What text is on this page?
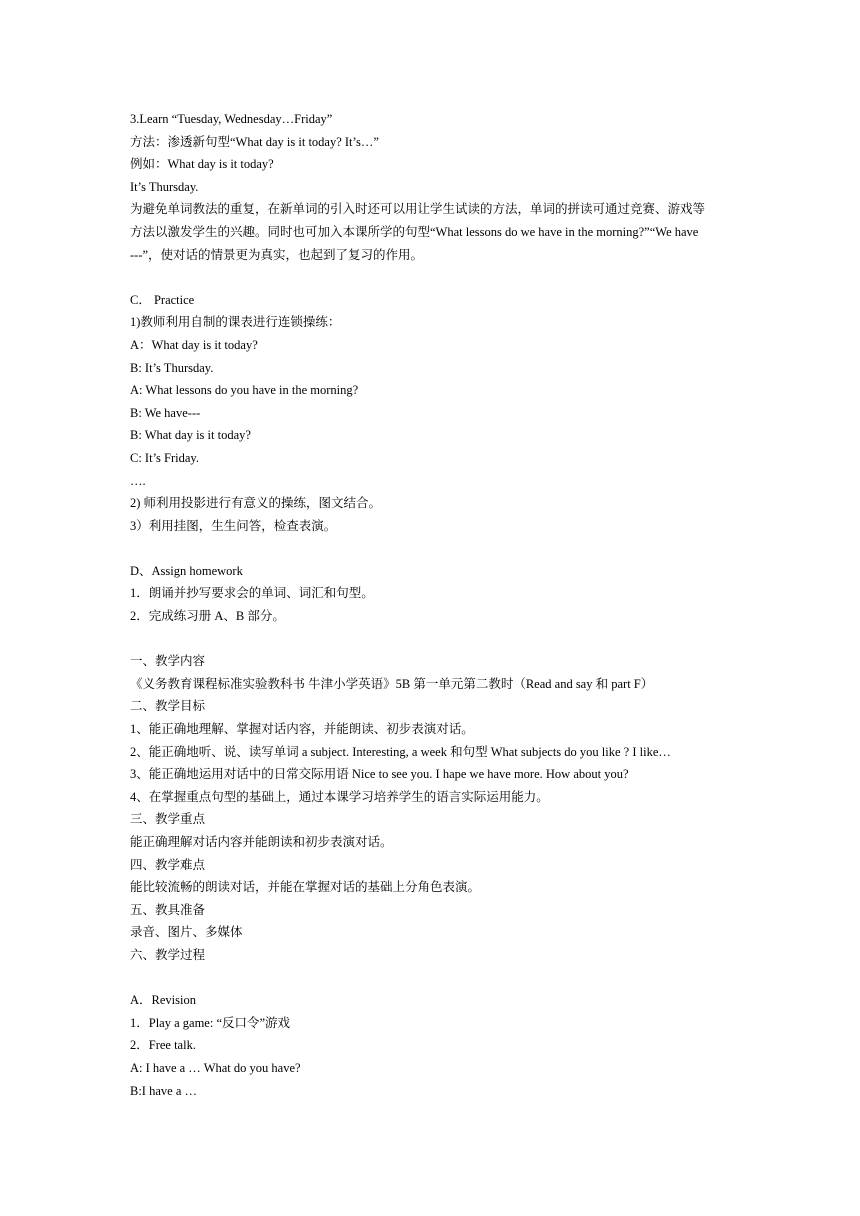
3.Learn “Tuesday, Wednesday…Friday”
方法：渗透新句型“What day is it today? It’s…”
例如：What day is it today?
It’s Thursday.
为避免单词教法的重复，在新单词的引入时还可以用让学生试读的方法，单词的拼读可通过竞赛、游戏等
方法以激发学生的兴趣。同时也可加入本课所学的句型“What lessons do we have in the morning?”“We have
---”，使对话的情景更为真实，也起到了复习的作用。
C． Practice
1)教师利用自制的课表进行连锁操练：
A：What day is it today?
B: It’s Thursday.
A: What lessons do you have in the morning?
B: We have---
B: What day is it today?
C: It’s Friday.
….
2) 师利用投影进行有意义的操练，图文结合。
3）利用挂图，生生问答，检查表演。
D、Assign homework
1．朗诵并抄写要求会的单词、词汇和句型。
2．完成练习册 A、B 部分。
一、教学内容
《义务教育课程标准实验教科书 牛津小学英语》5B 第一单元第二教时（Read and say 和 part F）
二、教学目标
1、能正确地理解、掌握对话内容，并能朗读、初步表演对话。
2、能正确地听、说、读写单词 a subject. Interesting, a week 和句型 What subjects do you like ? I like…
3、能正确地运用对话中的日常交际用语 Nice to see you. I hape we have more. How about you?
4、在掌握重点句型的基础上，通过本课学习培养学生的语言实际运用能力。
三、教学重点
能正确理解对话内容并能朗读和初步表演对话。
四、教学难点
能比较流畅的朗读对话，并能在掌握对话的基础上分角色表演。
五、教具准备
录音、图片、多媒体
六、教学过程
A．Revision
1．Play a game: “反口令”游戏
2．Free talk.
A: I have a … What do you have?
B:I have a …
